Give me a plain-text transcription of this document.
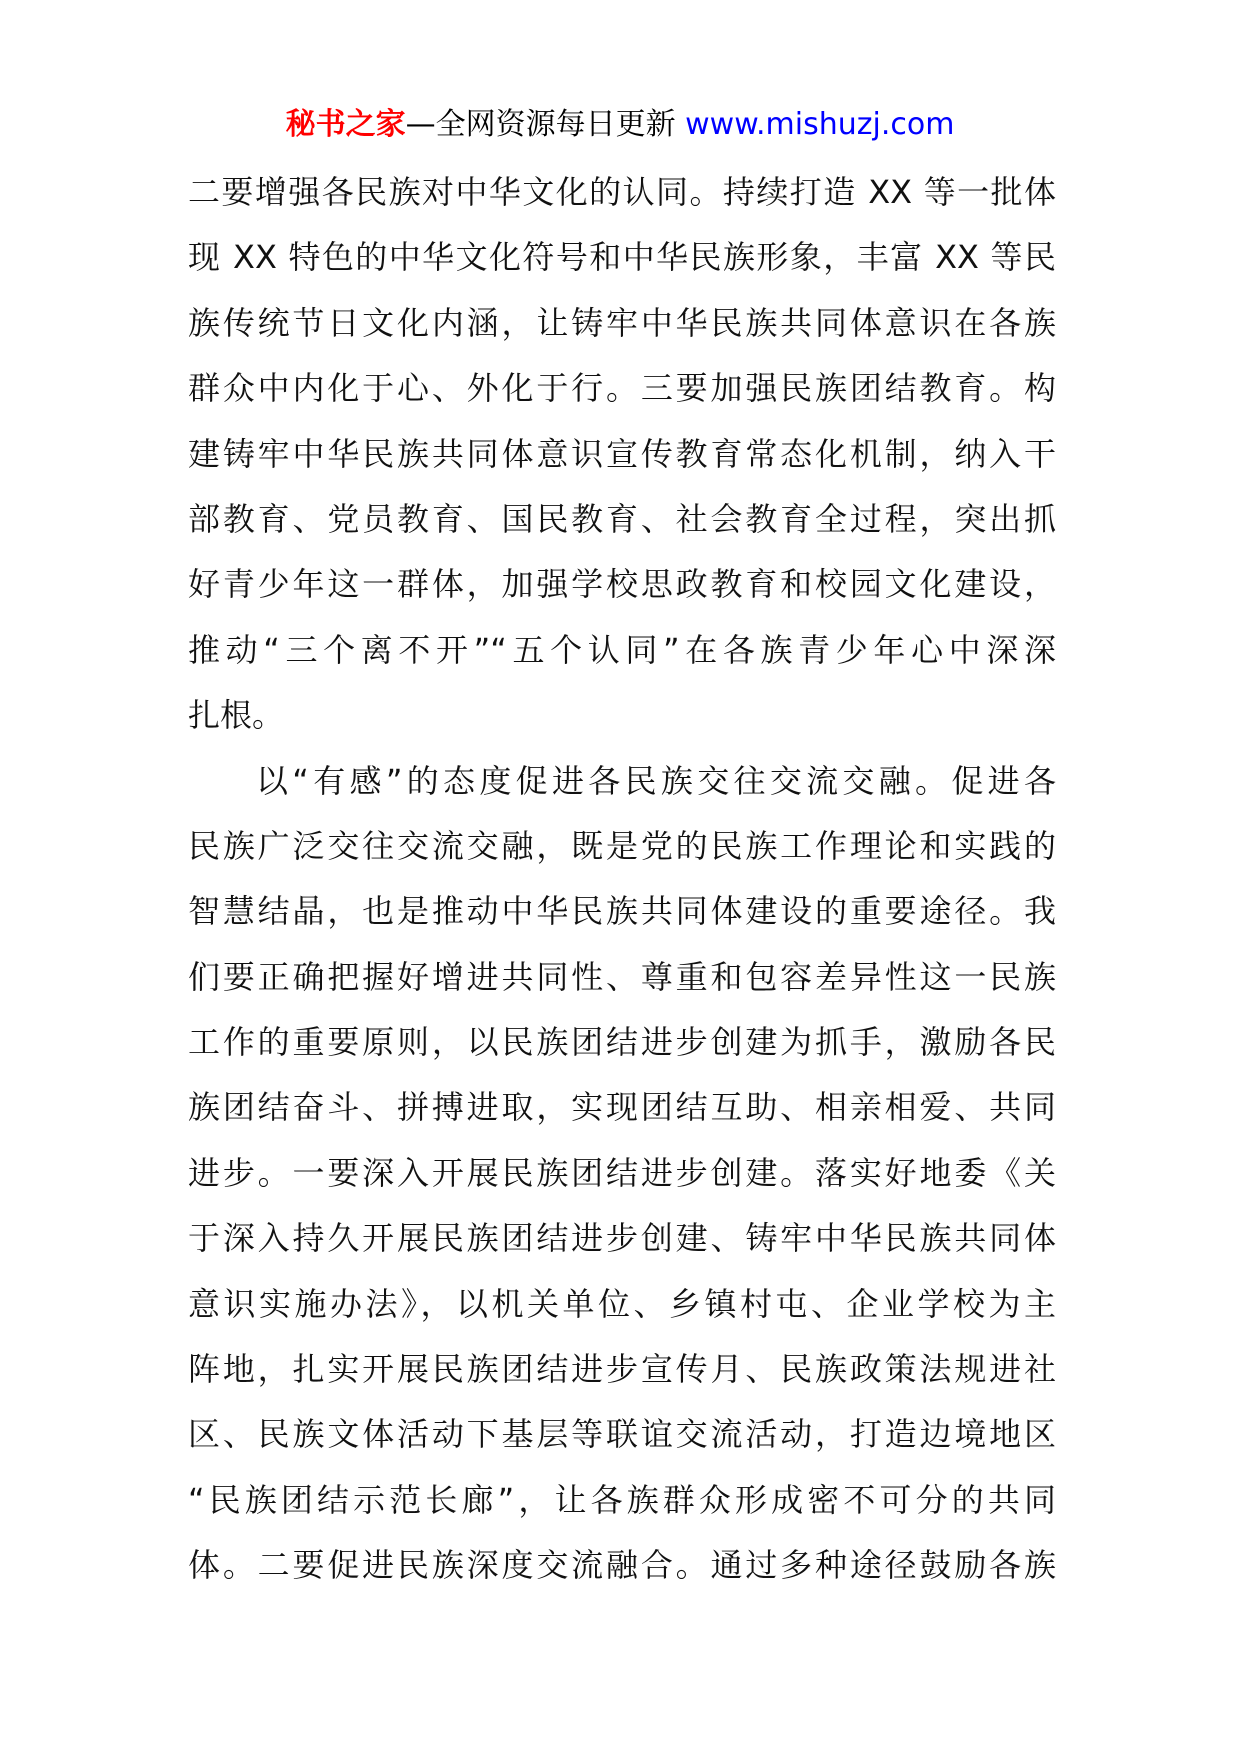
秘书之家—全网资源每日更新 www.mishuzj.com
二要增强各民族对中华文化的认同。持续打造 XX 等一批体
现 XX 特色的中华文化符号和中华民族形象，丰富 XX 等民
族传统节日文化内涵，让铸牢中华民族共同体意识在各族
群众中内化于心、外化于行。三要加强民族团结教育。构
建铸牢中华民族共同体意识宣传教育常态化机制，纳入干
部教育、党员教育、国民教育、社会教育全过程，突出抓
好青少年这一群体，加强学校思政教育和校园文化建设，
推动“三个离不开”“五个认同”在各族青少年心中深深
扎根。
以“有感”的态度促进各民族交往交流交融。促进各
民族广泛交往交流交融，既是党的民族工作理论和实践的
智慧结晶，也是推动中华民族共同体建设的重要途径。我
们要正确把握好增进共同性、尊重和包容差异性这一民族
工作的重要原则，以民族团结进步创建为抓手，激励各民
族团结奋斗、拼搏进取，实现团结互助、相亲相爱、共同
进步。一要深入开展民族团结进步创建。落实好地委《关
于深入持久开展民族团结进步创建、铸牢中华民族共同体
意识实施办法》，以机关单位、乡镇村屯、企业学校为主
阵地，扎实开展民族团结进步宣传月、民族政策法规进社
区、民族文体活动下基层等联谊交流活动，打造边境地区
“民族团结示范长廊”，让各族群众形成密不可分的共同
体。二要促进民族深度交流融合。通过多种途径鼓励各族
